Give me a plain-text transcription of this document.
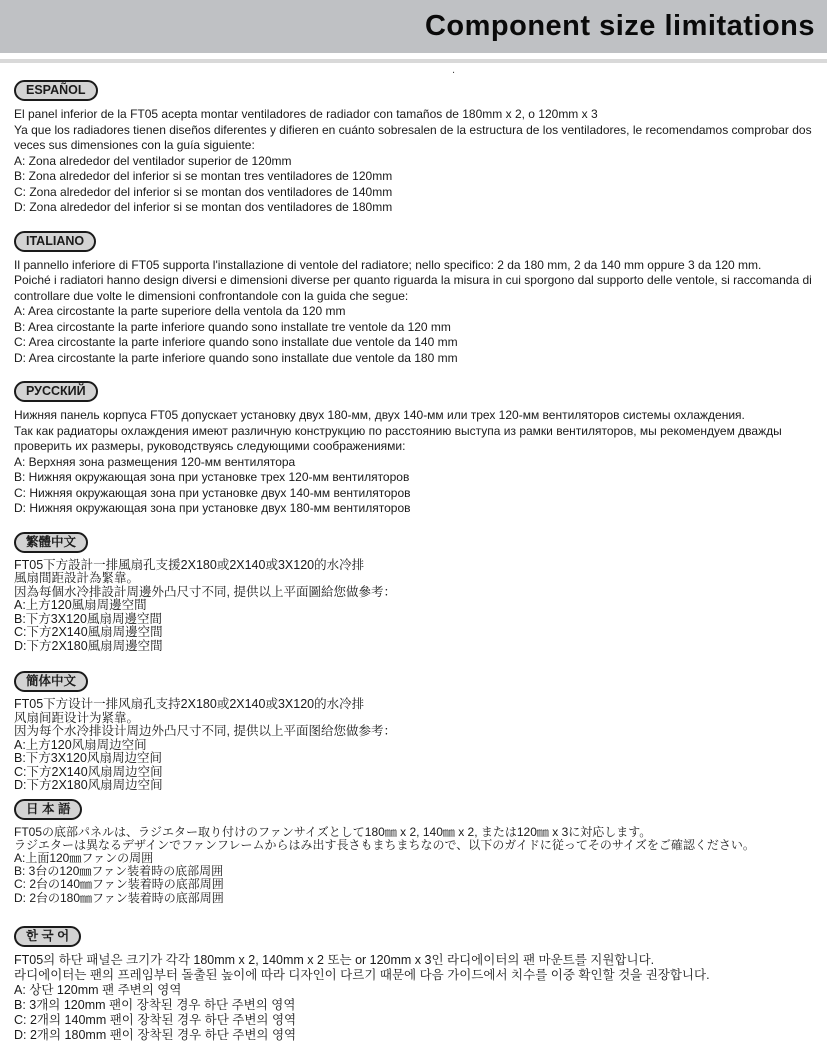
Component size limitations
.
ESPAÑOL

El panel inferior de la FT05 acepta montar ventiladores de radiador con tamaños de 180mm x 2, o 120mm x 3

Ya que los radiadores tienen diseños diferentes y difieren en cuánto sobresalen de la estructura de los ventiladores, le recomendamos comprobar dos veces sus dimensiones con la guía siguiente:

A: Zona alrededor del ventilador superior de 120mm

B: Zona alrededor del inferior si se montan tres ventiladores de 120mm

C: Zona alrededor del inferior si se montan dos ventiladores de 140mm

D: Zona alrededor del inferior si se montan dos ventiladores de 180mm

ITALIANO

Il pannello inferiore di FT05 supporta l'installazione di ventole del radiatore; nello specifico: 2 da 180 mm, 2 da 140 mm oppure 3 da 120 mm.

Poiché i radiatori hanno design diversi e dimensioni diverse per quanto riguarda la misura in cui sporgono dal supporto delle ventole, si raccomanda di controllare due volte le dimensioni confrontandole con la guida che segue:

A: Area circostante la parte superiore della ventola da 120 mm

B: Area circostante la parte inferiore quando sono installate tre ventole da 120 mm

C: Area circostante la parte inferiore quando sono installate due ventole da 140 mm

D: Area circostante la parte inferiore quando sono installate due ventole da 180 mm

РУССКИЙ

Нижняя панель корпуса FT05 допускает установку двух 180-мм, двух 140-мм или трех 120-мм вентиляторов системы охлаждения.

Так как радиаторы охлаждения имеют различную конструкцию по расстоянию выступа из рамки вентиляторов, мы рекомендуем дважды проверить их размеры, руководствуясь следующими соображениями:

A: Верхняя зона размещения 120-мм вентилятора

B: Нижняя окружающая зона при установке трех 120-мм вентиляторов

C: Нижняя окружающая зона при установке двух 140-мм вентиляторов

D: Нижняя окружающая зона при установке двух 180-мм вентиляторов

繁體中文

FT05下方設計一排風扇孔支援2X180或2X140或3X120的水冷排

風扇間距設計為緊靠。

因為每個水冷排設計周邊外凸尺寸不同, 提供以上平面圖給您做參考：

A:上方120風扇周邊空間

B:下方3X120風扇周邊空間

C:下方2X140風扇周邊空間

D:下方2X180風扇周邊空間

簡体中文

FT05下方设计一排风扇孔支持2X180或2X140或3X120的水冷排

风扇间距设计为紧靠。

因为每个水冷排设计周边外凸尺寸不同, 提供以上平面图给您做参考：

A:上方120风扇周边空间

B:下方3X120风扇周边空间

C:下方2X140风扇周边空间

D:下方2X180风扇周边空间

日 本 語

FT05の底部パネルは、ラジエター取り付けのファンサイズとして180㎜ x 2, 140㎜ x 2, または120㎜ x 3に対応します。

ラジエターは異なるデザインでファンフレームからはみ出す長さもまちまちなので、以下のガイドに従ってそのサイズをご確認ください。

A:上面120㎜ファンの周囲

B: 3台の120㎜ファン装着時の底部周囲

C: 2台の140㎜ファン装着時の底部周囲

D: 2台の180㎜ファン装着時の底部周囲

한 국 어

FT05의 하단 패널은 크기가 각각 180mm x 2, 140mm x 2 또는 or 120mm x 3인 라디에이터의 팬 마운트를 지원합니다.

라디에이터는 팬의 프레임부터 돌출된 높이에 따라 디자인이 다르기 때문에 다음 가이드에서 치수를 이중 확인할 것을 권장합니다.

A: 상단 120mm 팬 주변의 영역

B: 3개의 120mm 팬이 장착된 경우 하단 주변의 영역

C: 2개의 140mm 팬이 장착된 경우 하단 주변의 영역

D: 2개의 180mm 팬이 장착된 경우 하단 주변의 영역
